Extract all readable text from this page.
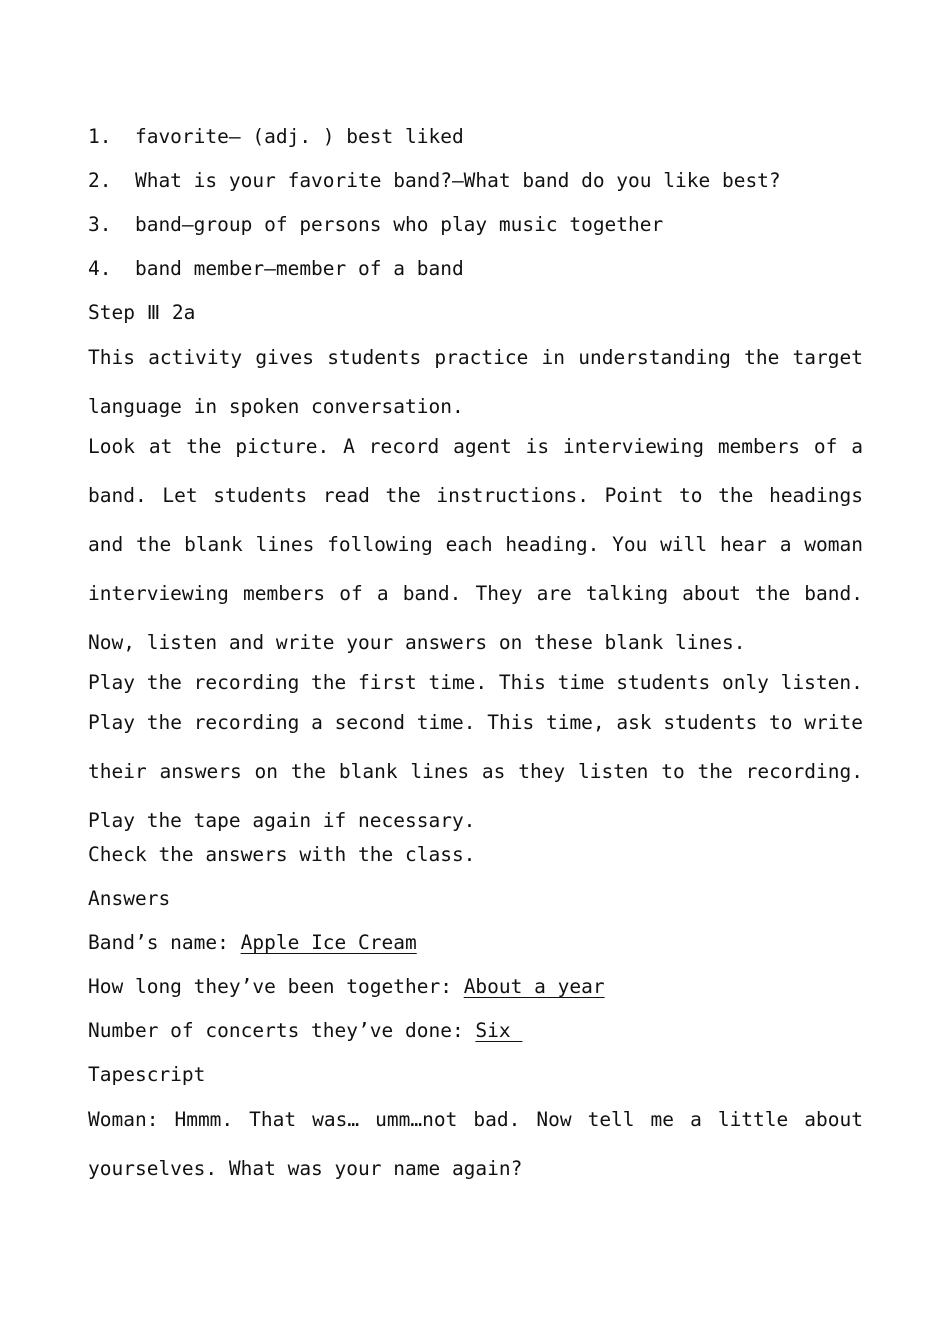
1.  favorite— (adj. ) best liked
2.  What is your favorite band?—What band do you like best?
3.  band—group of persons who play music together
4.  band member—member of a band
Step Ⅲ 2a
This activity gives students practice in understanding the target language in spoken conversation.
Look at the picture. A record agent is interviewing members of a band. Let students read the instructions. Point to the headings and the blank lines following each heading. You will hear a woman interviewing members of a band. They are talking about the band. Now, listen and write your answers on these blank lines.
Play the recording the first time. This time students only listen.
Play the recording a second time. This time, ask students to write their answers on the blank lines as they listen to the recording. Play the tape again if necessary.
Check the answers with the class.
Answers
Band’s name: Apple Ice Cream
How long they’ve been together: About a year
Number of concerts they’ve done: Six
Tapescript
Woman: Hmmm. That was… umm…not bad. Now tell me a little about yourselves. What was your name again?
